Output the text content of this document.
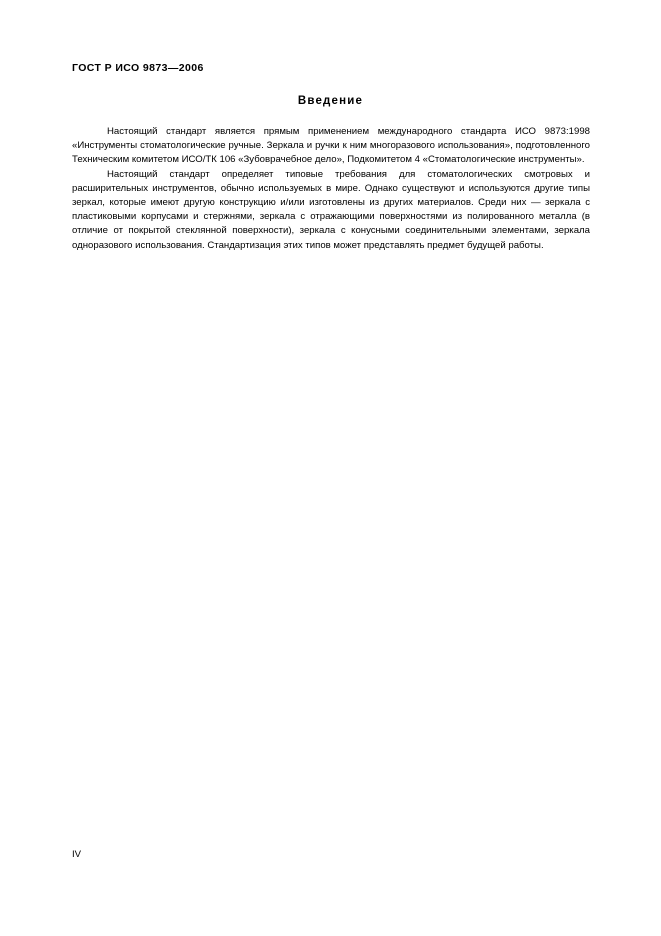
ГОСТ Р ИСО 9873—2006
Введение

Настоящий стандарт является прямым применением международного стандарта ИСО 9873:1998 «Инструменты стоматологические ручные. Зеркала и ручки к ним многоразового использования», подготовленного Техническим комитетом ИСО/ТК 106 «Зубоврачебное дело», Подкомитетом 4 «Стоматологические инструменты».

Настоящий стандарт определяет типовые требования для стоматологических смотровых и расширительных инструментов, обычно используемых в мире. Однако существуют и используются другие типы зеркал, которые имеют другую конструкцию и/или изготовлены из других материалов. Среди них — зеркала с пластиковыми корпусами и стержнями, зеркала с отражающими поверхностями из полированного металла (в отличие от покрытой стеклянной поверхности), зеркала с конусными соединительными элементами, зеркала одноразового использования. Стандартизация этих типов может представлять предмет будущей работы.

IV
